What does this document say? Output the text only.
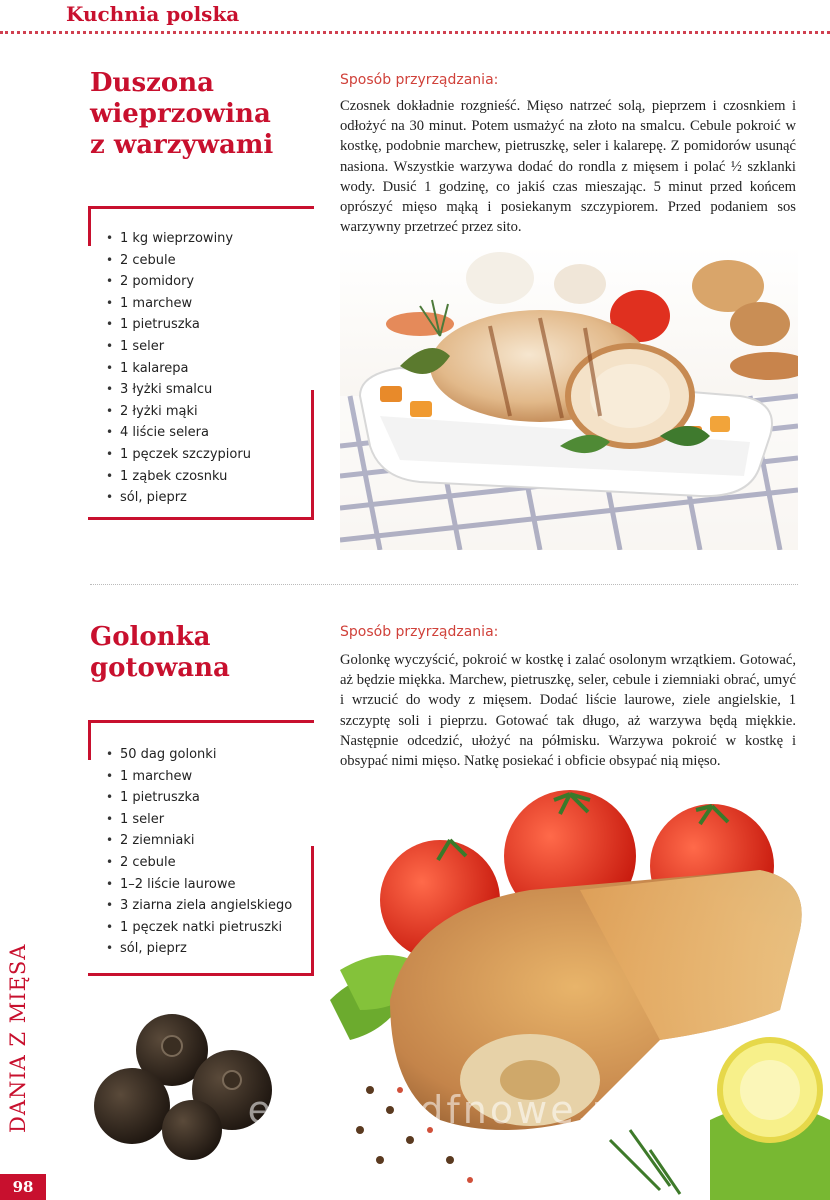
Kuchnia polska
Duszona
wieprzowina
z warzywami
• 1 kg wieprzowiny
• 2 cebule
• 2 pomidory
• 1 marchew
• 1 pietruszka
• 1 seler
• 1 kalarepa
• 3 łyżki smalcu
• 2 łyżki mąki
• 4 liście selera
• 1 pęczek szczypioru
• 1 ząbek czosnku
• sól, pieprz
Sposób przyrządzania:
Czosnek dokładnie rozgnieść. Mięso natrzeć solą, pieprzem i czosnkiem i odłożyć na 30 minut. Potem usmażyć na złoto na smalcu. Cebule pokroić w kostkę, podobnie marchew, pietruszkę, seler i kalarepę. Z pomidorów usunąć nasiona. Wszystkie warzywa dodać do rondla z mięsem i polać ½ szklanki wody. Dusić 1 godzinę, co jakiś czas mieszając. 5 minut przed końcem oprószyć mięso mąką i posiekanym szczypiorem. Przed podaniem sos warzywny przetrzeć przez sito.
Golonka
gotowana
• 50 dag golonki
• 1 marchew
• 1 pietruszka
• 1 seler
• 2 ziemniaki
• 2 cebule
• 1–2 liście laurowe
• 3 ziarna ziela angielskiego
• 1 pęczek natki pietruszki
• sól, pieprz
Sposób przyrządzania:
Golonkę wyczyścić, pokroić w kostkę i zalać osolonym wrzątkiem. Gotować, aż będzie miękka. Marchew, pietruszkę, seler, cebule i ziemniaki obrać, umyć i wrzucić do wody z mięsem. Dodać liście laurowe, ziele angielskie, 1 szczyptę soli i pieprzu. Gotować tak długo, aż warzywa będą miękkie. Następnie odcedzić, ułożyć na półmisku. Warzywa pokroić w kostkę i obsypać nimi mięso. Natkę posiekać i obficie obsypać nią mięso.
ebookipdfnowe.pl
DANIA Z MIĘSA
98
